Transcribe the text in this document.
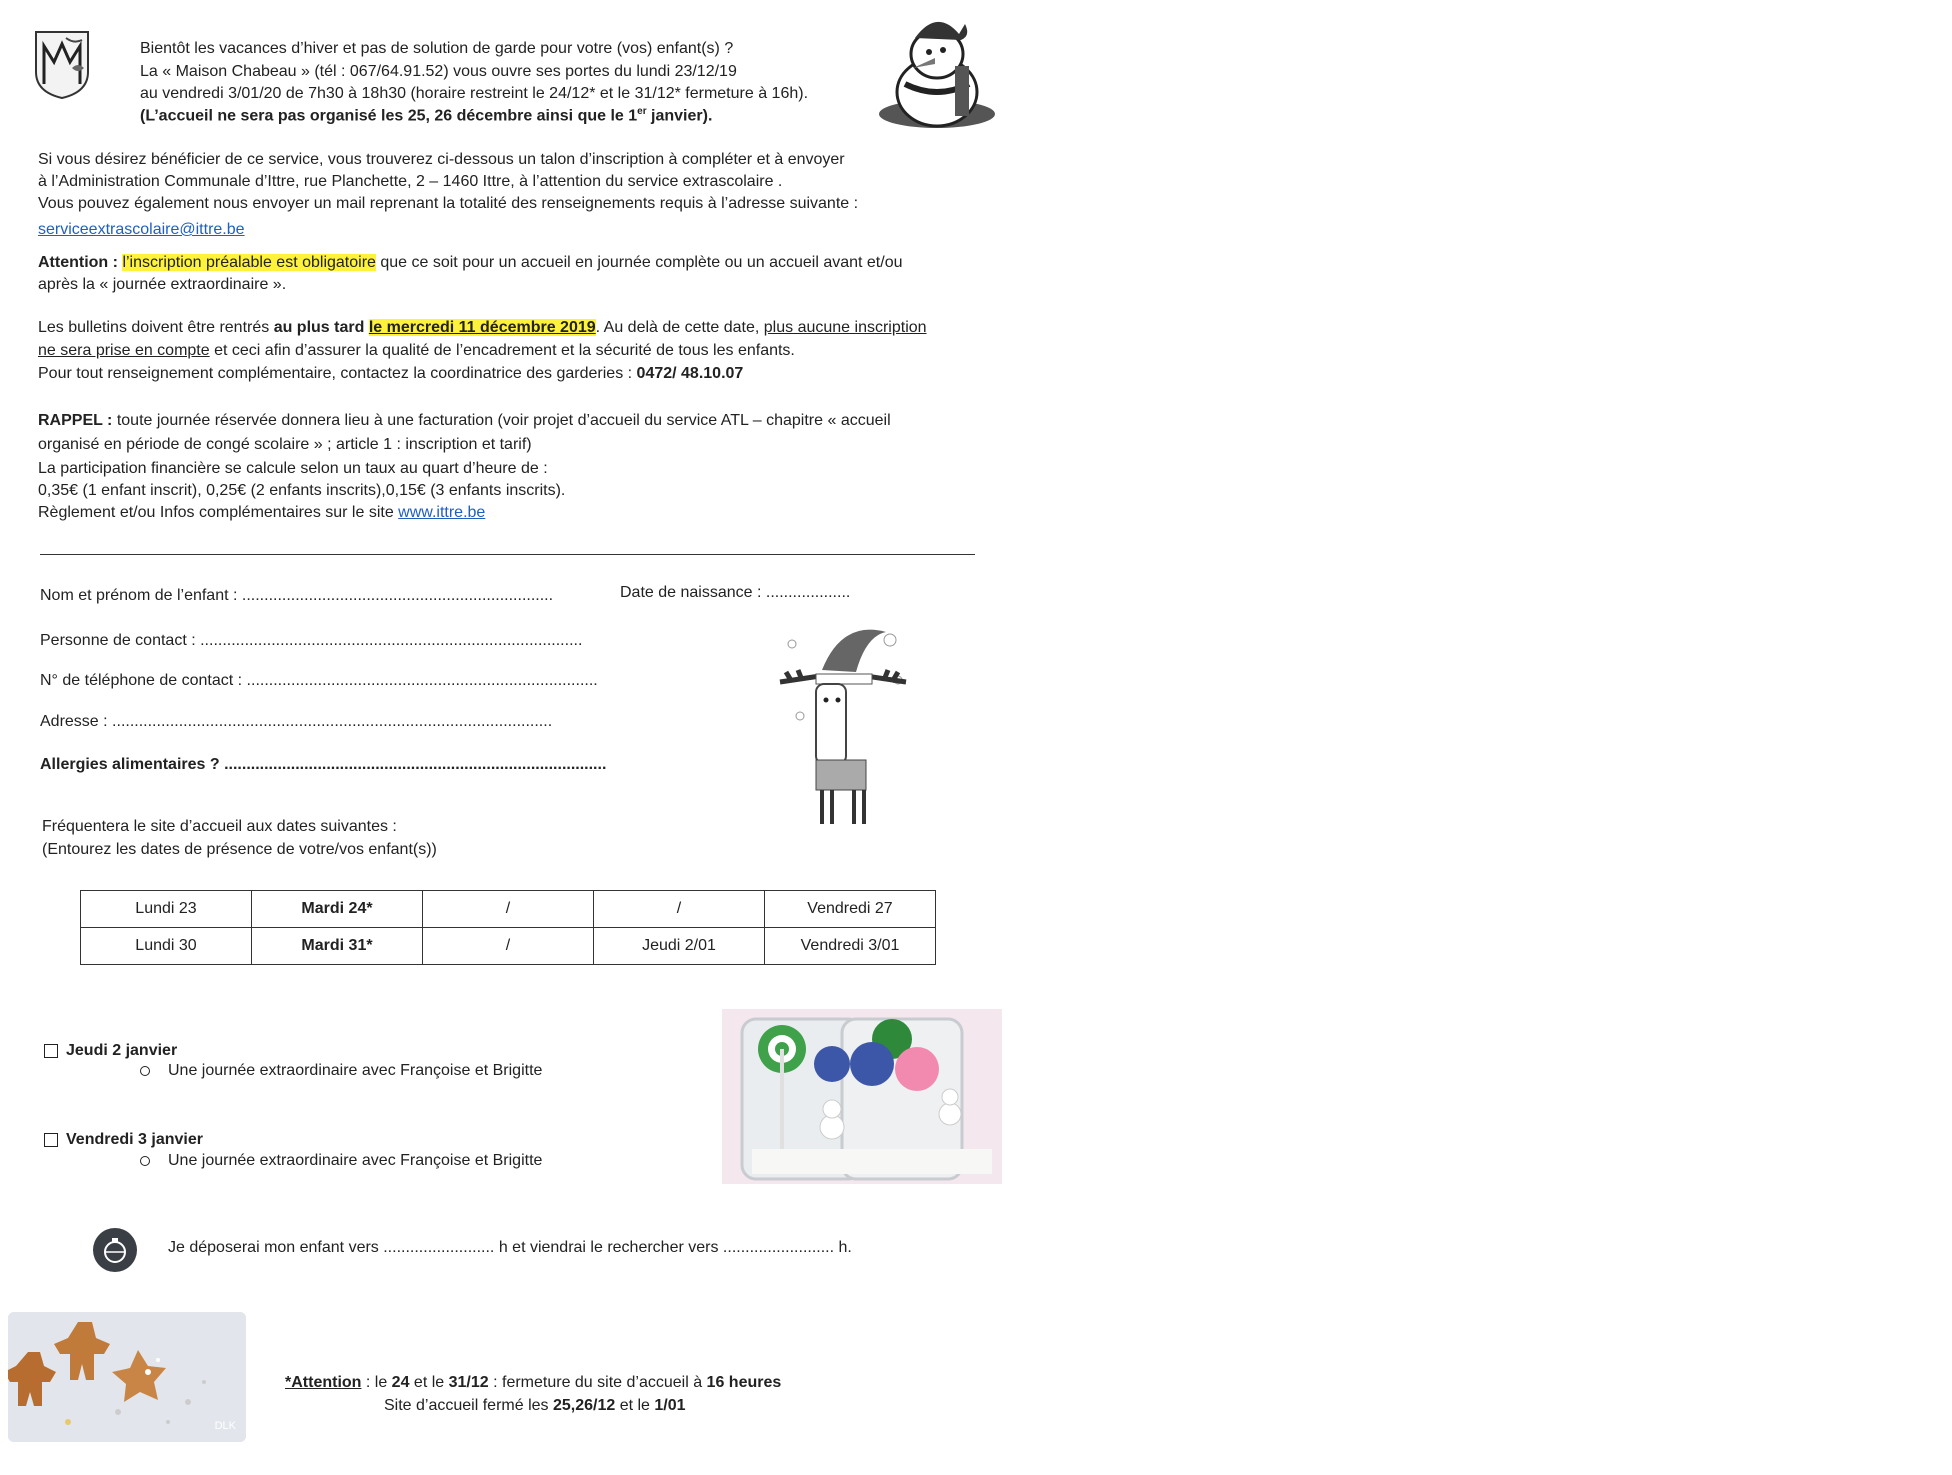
Bientôt les vacances d’hiver et pas de solution de garde pour votre (vos) enfant(s) ?
La « Maison Chabeau » (tél : 067/64.91.52) vous ouvre ses portes du lundi 23/12/19
au vendredi 3/01/20 de 7h30 à 18h30 (horaire restreint le 24/12* et le 31/12* fermeture à 16h).
(L’accueil ne sera pas organisé les 25, 26 décembre ainsi que le 1er janvier).
Si vous désirez bénéficier de ce service, vous trouverez ci-dessous un talon d’inscription à compléter et à envoyer
à l’Administration Communale d’Ittre, rue Planchette, 2 – 1460 Ittre, à l’attention du service extrascolaire .
Vous pouvez également nous envoyer un mail reprenant la totalité des renseignements requis à l’adresse suivante :
serviceextrascolaire@ittre.be
Attention : l’inscription préalable est obligatoire que ce soit pour un accueil en journée complète ou un accueil avant et/ou
après la « journée extraordinaire ».
Les bulletins doivent être rentrés au plus tard le mercredi 11 décembre 2019. Au delà de cette date, plus aucune inscription
ne sera prise en compte et ceci afin d’assurer la qualité de l’encadrement et la sécurité de tous les enfants.
Pour tout renseignement complémentaire, contactez la coordinatrice des garderies : 0472/ 48.10.07
RAPPEL : toute journée réservée donnera lieu à une facturation (voir projet d’accueil du service ATL – chapitre « accueil
organisé en période de congé scolaire » ; article 1 : inscription et tarif)
La participation financière se calcule selon un taux au quart d’heure de :
0,35€ (1 enfant inscrit), 0,25€ (2 enfants inscrits),0,15€ (3 enfants inscrits).
Règlement et/ou Infos complémentaires sur le site www.ittre.be
Nom et prénom de l’enfant : ......................................................................	Date de naissance : ...................
Personne de contact : ......................................................................................
N° de téléphone de contact : ...............................................................................
Adresse : ...................................................................................................
Allergies alimentaires ? ......................................................................................
Fréquentera le site d’accueil aux dates suivantes :
(Entourez les dates de présence de votre/vos enfant(s))
Lundi 23	Mardi 24*	/	/	Vendredi 27
Lundi 30	Mardi 31*	/	Jeudi 2/01	Vendredi 3/01
Jeudi 2 janvier
Une journée extraordinaire avec Françoise et Brigitte
Vendredi 3 janvier
Une journée extraordinaire avec Françoise et Brigitte
Je déposerai mon enfant vers ......................... h et viendrai le rechercher vers ......................... h.
DLK
*Attention : le 24 et le 31/12 : fermeture du site d’accueil à 16 heures
Site d’accueil fermé les 25,26/12 et le 1/01
